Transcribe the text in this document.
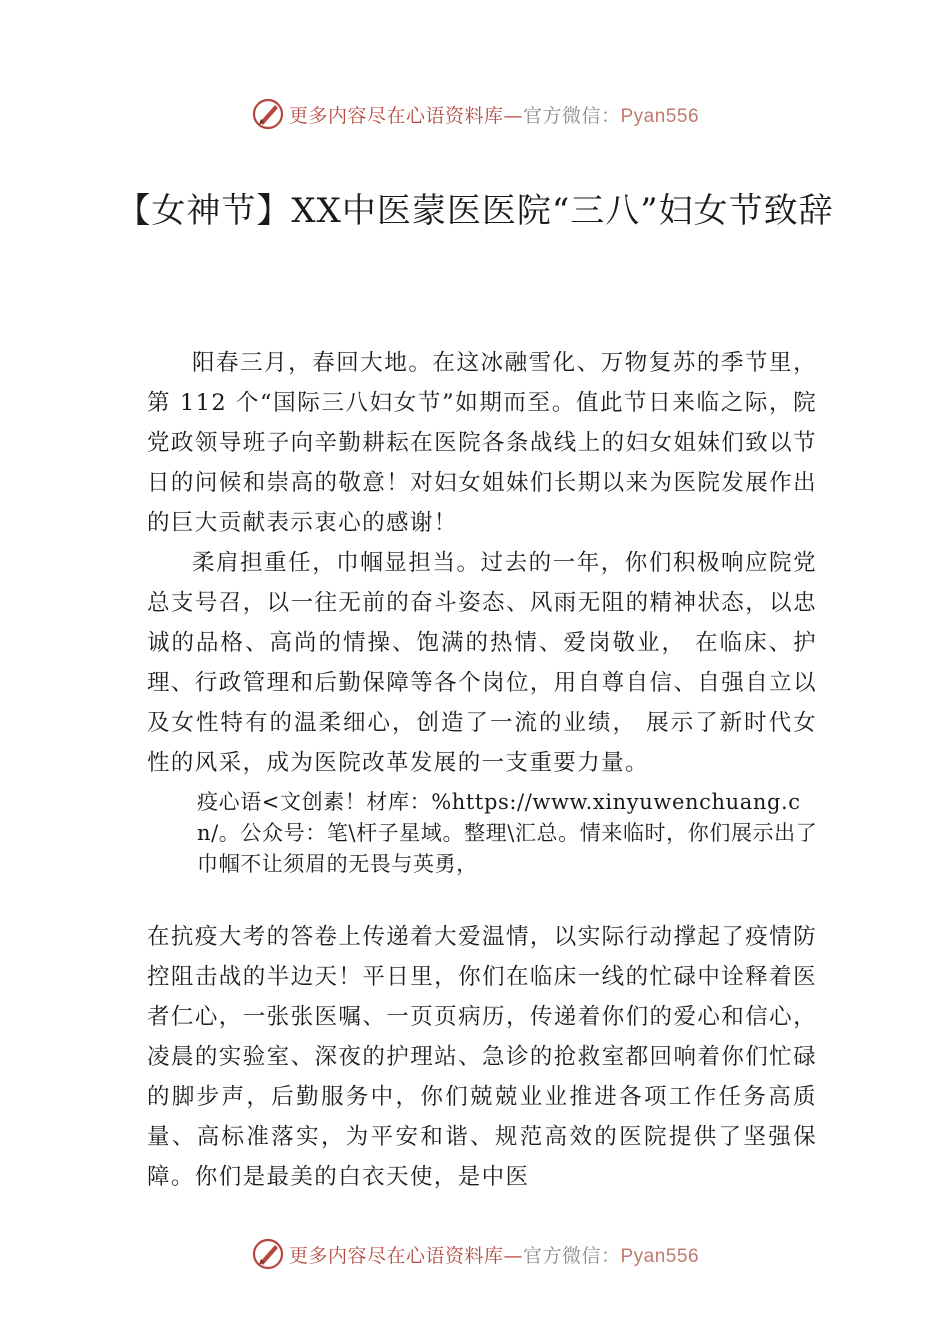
更多内容尽在心语资料库—官方微信：Pyan556
【女神节】XX中医蒙医医院“三八”妇女节致辞

阳春三月，春回大地。在这冰融雪化、万物复苏的季节里，第 112 个“国际三八妇女节”如期而至。值此节日来临之际，院党政领导班子向辛勤耕耘在医院各条战线上的妇女姐妹们致以节日的问候和崇高的敬意！对妇女姐妹们长期以来为医院发展作出的巨大贡献表示衷心的感谢！

柔肩担重任，巾帼显担当。过去的一年，你们积极响应院党总支号召，以一往无前的奋斗姿态、风雨无阻的精神状态，以忠诚的品格、高尚的情操、饱满的热情、爱岗敬业， 在临床、护理、行政管理和后勤保障等各个岗位，用自尊自信、自强自立以及女性特有的温柔细心，创造了一流的业绩， 展示了新时代女性的风采，成为医院改革发展的一支重要力量。

疫心语<文创素！材库：%https://www.xinyuwenchuang.cn/。公众号：笔\杆子星域。整理\汇总。情来临时，你们展示出了巾帼不让须眉的无畏与英勇，

在抗疫大考的答卷上传递着大爱温情，以实际行动撑起了疫情防控阻击战的半边天！平日里，你们在临床一线的忙碌中诠释着医者仁心，一张张医嘱、一页页病历，传递着你们的爱心和信心，凌晨的实验室、深夜的护理站、急诊的抢救室都回响着你们忙碌的脚步声，后勤服务中，你们兢兢业业推进各项工作任务高质量、高标准落实，为平安和谐、规范高效的医院提供了坚强保障。你们是最美的白衣天使，是中医

更多内容尽在心语资料库—官方微信：Pyan556
